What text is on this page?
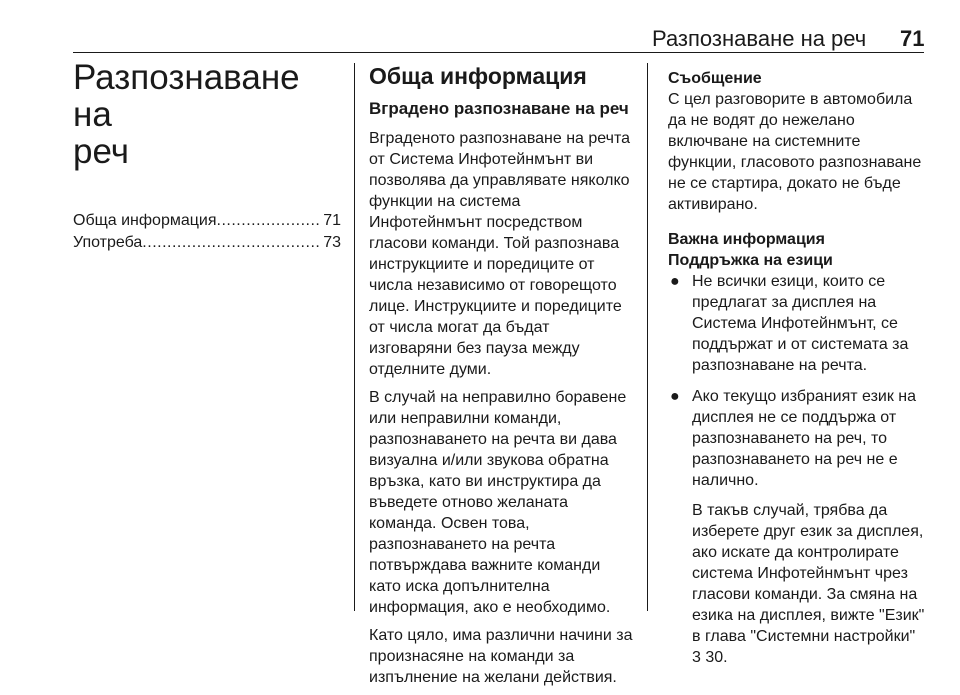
Разпознаване на реч 71
Разпознаване на
реч
Обща информация .....	71
Употреба .....	73
Обща информация
Вградено разпознаване на реч

Вграденото разпознаване на речта от Система Инфотейнмънт ви позволява да управлявате няколко функции на система Инфотейнмънт посредством гласови команди. Той разпознава инструкциите и поредиците от числа независимо от говорещото лице. Инструкциите и поредиците от числа могат да бъдат изговаряни без пауза между отделните думи.

В случай на неправилно боравене или неправилни команди, разпознаването на речта ви дава визуална и/или звукова обратна връзка, като ви инструктира да въведете отново желаната команда. Освен това, разпознаването на речта потвърждава важните команди като иска допълнителна информация, ако е необходимо.

Като цяло, има различни начини за произнасяне на команди за изпълнение на желани действия.

Съобщение
С цел разговорите в автомобила да не водят до нежелано включване на системните функции, гласовото разпознаване не се стартира, докато не бъде активирано.
Важна информация
Поддръжка на езици
● Не всички езици, които се предлагат за дисплея на Система Инфотейнмънт, се поддържат и от системата за разпознаване на речта.
● Ако текущо избраният език на дисплея не се поддържа от разпознаването на реч, то разпознаването на реч не е налично.
В такъв случай, трябва да изберете друг език за дисплея, ако искате да контролирате система Инфотейнмънт чрез гласови команди. За смяна на езика на дисплея, вижте "Език" в глава "Системни настройки"
3 30.
